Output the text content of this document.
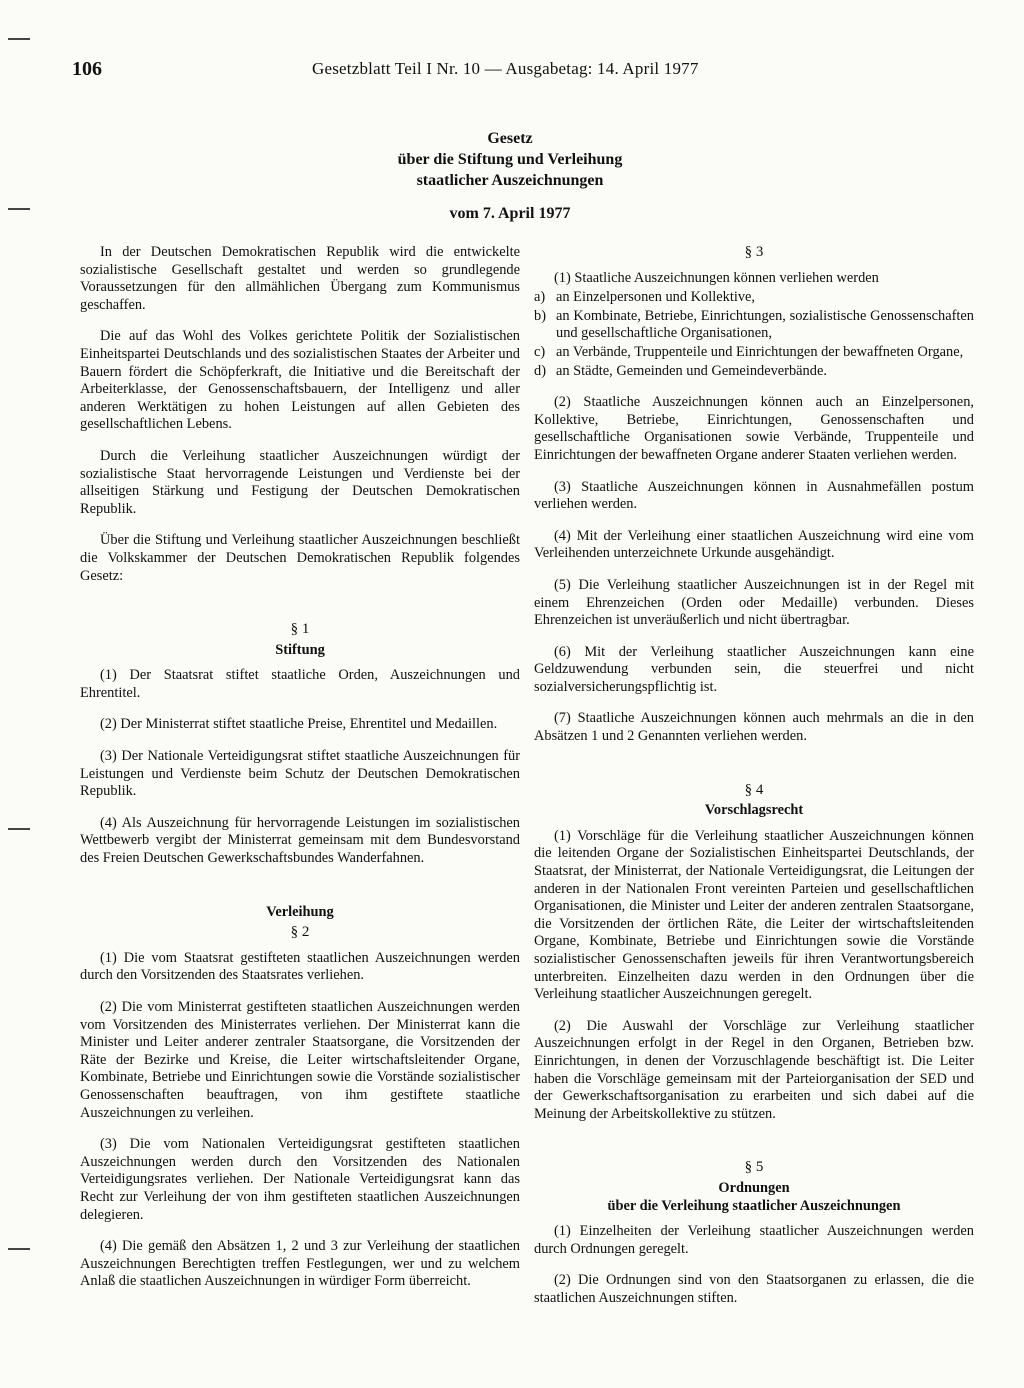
106	Gesetzblatt Teil I Nr. 10 — Ausgabetag: 14. April 1977
Gesetz
über die Stiftung und Verleihung
staatlicher Auszeichnungen
vom 7. April 1977

In der Deutschen Demokratischen Republik wird die entwickelte sozialistische Gesellschaft gestaltet und werden so grundlegende Voraussetzungen für den allmählichen Übergang zum Kommunismus geschaffen.

Die auf das Wohl des Volkes gerichtete Politik der Sozialistischen Einheitspartei Deutschlands und des sozialistischen Staates der Arbeiter und Bauern fördert die Schöpferkraft, die Initiative und die Bereitschaft der Arbeiterklasse, der Genossenschaftsbauern, der Intelligenz und aller anderen Werktätigen zu hohen Leistungen auf allen Gebieten des gesellschaftlichen Lebens.

Durch die Verleihung staatlicher Auszeichnungen würdigt der sozialistische Staat hervorragende Leistungen und Verdienste bei der allseitigen Stärkung und Festigung der Deutschen Demokratischen Republik.

Über die Stiftung und Verleihung staatlicher Auszeichnungen beschließt die Volkskammer der Deutschen Demokratischen Republik folgendes Gesetz:

§ 1
Stiftung

(1) Der Staatsrat stiftet staatliche Orden, Auszeichnungen und Ehrentitel.

(2) Der Ministerrat stiftet staatliche Preise, Ehrentitel und Medaillen.

(3) Der Nationale Verteidigungsrat stiftet staatliche Auszeichnungen für Leistungen und Verdienste beim Schutz der Deutschen Demokratischen Republik.

(4) Als Auszeichnung für hervorragende Leistungen im sozialistischen Wettbewerb vergibt der Ministerrat gemeinsam mit dem Bundesvorstand des Freien Deutschen Gewerkschaftsbundes Wanderfahnen.

Verleihung
§ 2

(1) Die vom Staatsrat gestifteten staatlichen Auszeichnungen werden durch den Vorsitzenden des Staatsrates verliehen.

(2) Die vom Ministerrat gestifteten staatlichen Auszeichnungen werden vom Vorsitzenden des Ministerrates verliehen. Der Ministerrat kann die Minister und Leiter anderer zentraler Staatsorgane, die Vorsitzenden der Räte der Bezirke und Kreise, die Leiter wirtschaftsleitender Organe, Kombinate, Betriebe und Einrichtungen sowie die Vorstände sozialistischer Genossenschaften beauftragen, von ihm gestiftete staatliche Auszeichnungen zu verleihen.

(3) Die vom Nationalen Verteidigungsrat gestifteten staatlichen Auszeichnungen werden durch den Vorsitzenden des Nationalen Verteidigungsrates verliehen. Der Nationale Verteidigungsrat kann das Recht zur Verleihung der von ihm gestifteten staatlichen Auszeichnungen delegieren.

(4) Die gemäß den Absätzen 1, 2 und 3 zur Verleihung der staatlichen Auszeichnungen Berechtigten treffen Festlegungen, wer und zu welchem Anlaß die staatlichen Auszeichnungen in würdiger Form überreicht.

§ 3

(1) Staatliche Auszeichnungen können verliehen werden

a) an Einzelpersonen und Kollektive,
b) an Kombinate, Betriebe, Einrichtungen, sozialistische Genossenschaften und gesellschaftliche Organisationen,
c) an Verbände, Truppenteile und Einrichtungen der bewaffneten Organe,
d) an Städte, Gemeinden und Gemeindeverbände.

(2) Staatliche Auszeichnungen können auch an Einzelpersonen, Kollektive, Betriebe, Einrichtungen, Genossenschaften und gesellschaftliche Organisationen sowie Verbände, Truppenteile und Einrichtungen der bewaffneten Organe anderer Staaten verliehen werden.

(3) Staatliche Auszeichnungen können in Ausnahmefällen postum verliehen werden.

(4) Mit der Verleihung einer staatlichen Auszeichnung wird eine vom Verleihenden unterzeichnete Urkunde ausgehändigt.

(5) Die Verleihung staatlicher Auszeichnungen ist in der Regel mit einem Ehrenzeichen (Orden oder Medaille) verbunden. Dieses Ehrenzeichen ist unveräußerlich und nicht übertragbar.

(6) Mit der Verleihung staatlicher Auszeichnungen kann eine Geldzuwendung verbunden sein, die steuerfrei und nicht sozialversicherungspflichtig ist.

(7) Staatliche Auszeichnungen können auch mehrmals an die in den Absätzen 1 und 2 Genannten verliehen werden.

§ 4
Vorschlagsrecht

(1) Vorschläge für die Verleihung staatlicher Auszeichnungen können die leitenden Organe der Sozialistischen Einheitspartei Deutschlands, der Staatsrat, der Ministerrat, der Nationale Verteidigungsrat, die Leitungen der anderen in der Nationalen Front vereinten Parteien und gesellschaftlichen Organisationen, die Minister und Leiter der anderen zentralen Staatsorgane, die Vorsitzenden der örtlichen Räte, die Leiter der wirtschaftsleitenden Organe, Kombinate, Betriebe und Einrichtungen sowie die Vorstände sozialistischer Genossenschaften jeweils für ihren Verantwortungsbereich unterbreiten. Einzelheiten dazu werden in den Ordnungen über die Verleihung staatlicher Auszeichnungen geregelt.

(2) Die Auswahl der Vorschläge zur Verleihung staatlicher Auszeichnungen erfolgt in der Regel in den Organen, Betrieben bzw. Einrichtungen, in denen der Vorzuschlagende beschäftigt ist. Die Leiter haben die Vorschläge gemeinsam mit der Parteiorganisation der SED und der Gewerkschaftsorganisation zu erarbeiten und sich dabei auf die Meinung der Arbeitskollektive zu stützen.

§ 5
Ordnungen
über die Verleihung staatlicher Auszeichnungen

(1) Einzelheiten der Verleihung staatlicher Auszeichnungen werden durch Ordnungen geregelt.

(2) Die Ordnungen sind von den Staatsorganen zu erlassen, die die staatlichen Auszeichnungen stiften.
